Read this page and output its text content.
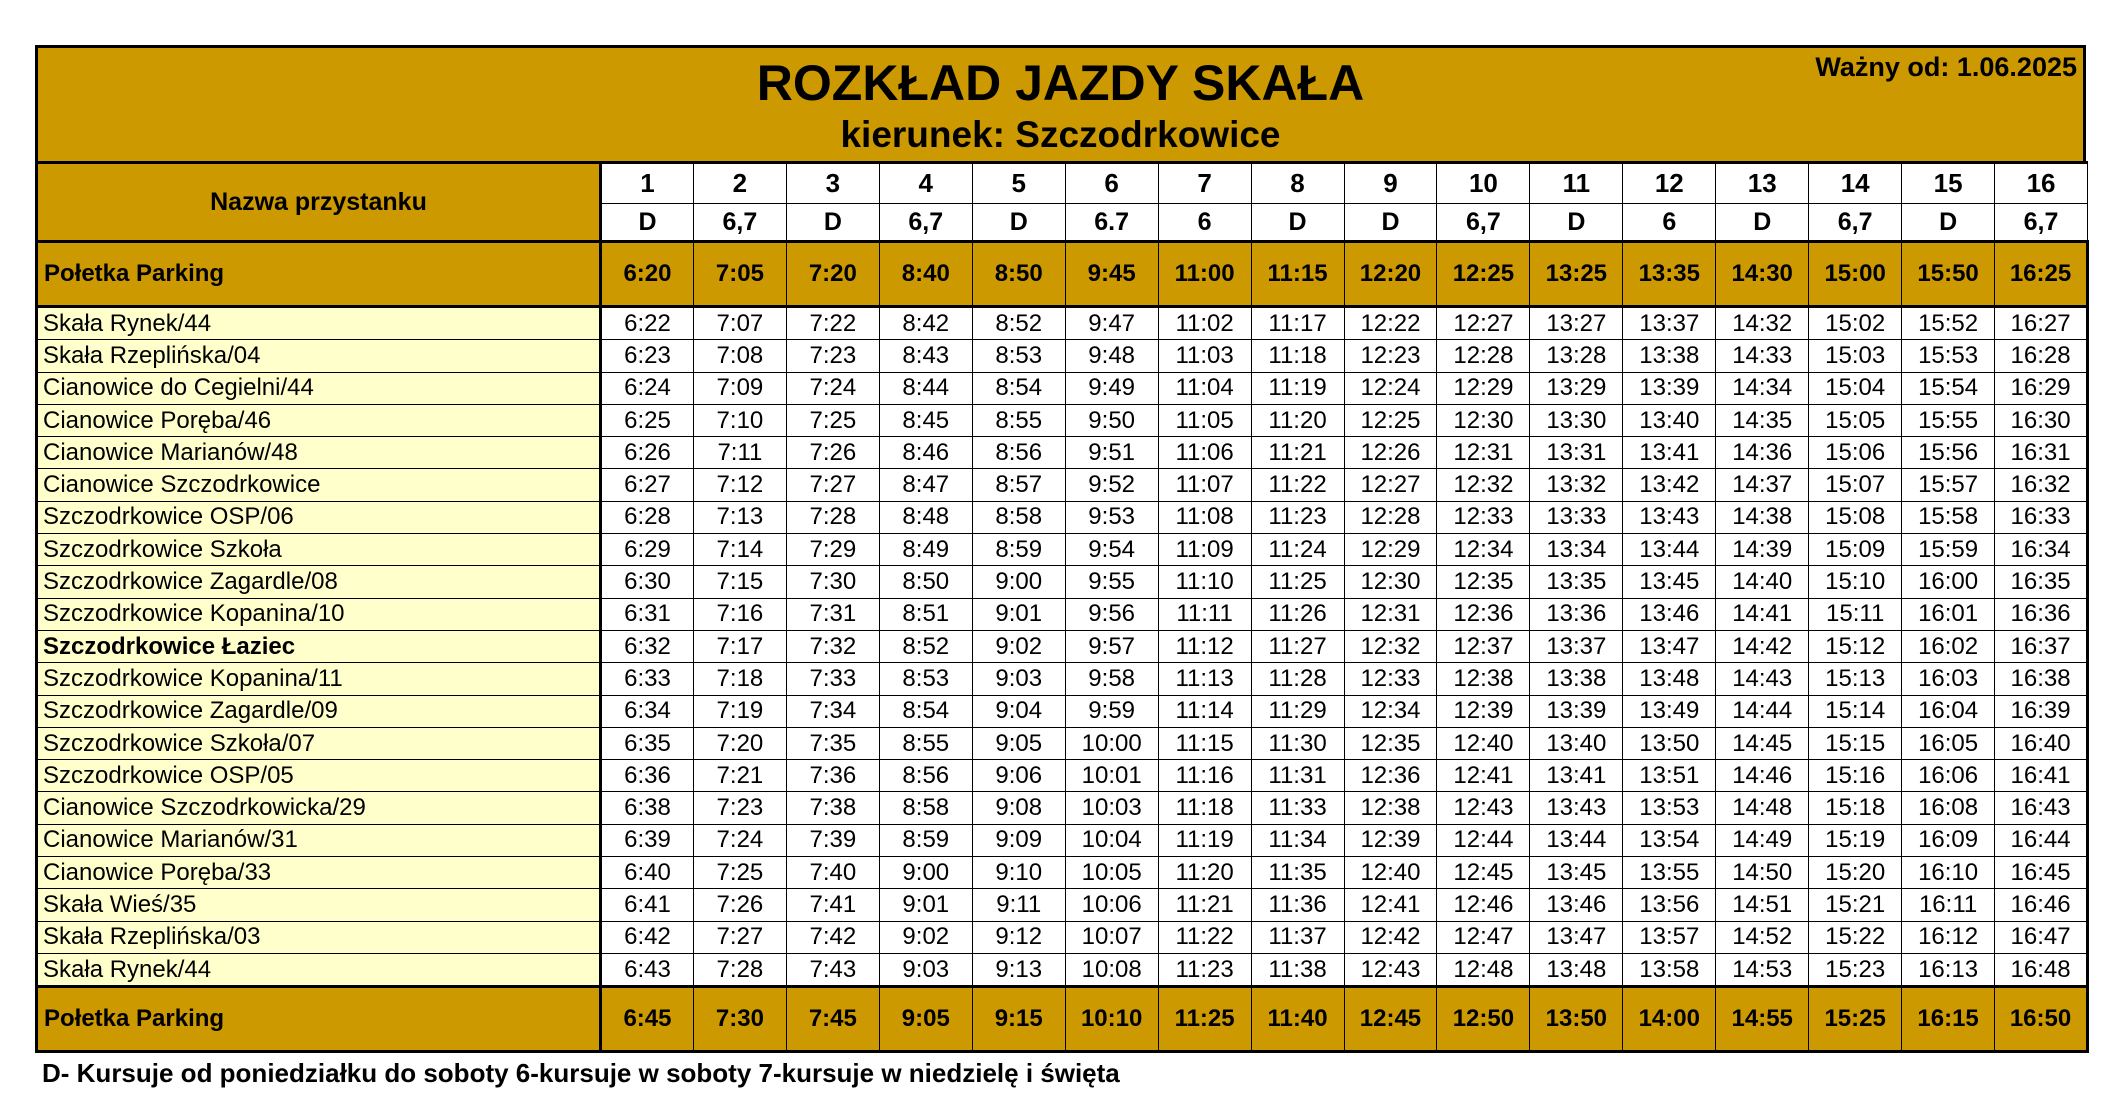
ROZKŁAD JAZDY SKAŁA
kierunek: Szczodrkowice
Ważny od: 1.06.2025
Nazwa przystanku	1	2	3	4	5	6	7	8	9	10	11	12	13	14	15	16
	D	6,7	D	6,7	D	6.7	6	D	D	6,7	D	6	D	6,7	D	6,7
Połetka Parking	6:20	7:05	7:20	8:40	8:50	9:45	11:00	11:15	12:20	12:25	13:25	13:35	14:30	15:00	15:50	16:25
Skała Rynek/44	6:22	7:07	7:22	8:42	8:52	9:47	11:02	11:17	12:22	12:27	13:27	13:37	14:32	15:02	15:52	16:27
Skała Rzeplińska/04	6:23	7:08	7:23	8:43	8:53	9:48	11:03	11:18	12:23	12:28	13:28	13:38	14:33	15:03	15:53	16:28
Cianowice do Cegielni/44	6:24	7:09	7:24	8:44	8:54	9:49	11:04	11:19	12:24	12:29	13:29	13:39	14:34	15:04	15:54	16:29
Cianowice Poręba/46	6:25	7:10	7:25	8:45	8:55	9:50	11:05	11:20	12:25	12:30	13:30	13:40	14:35	15:05	15:55	16:30
Cianowice Marianów/48	6:26	7:11	7:26	8:46	8:56	9:51	11:06	11:21	12:26	12:31	13:31	13:41	14:36	15:06	15:56	16:31
Cianowice Szczodrkowice	6:27	7:12	7:27	8:47	8:57	9:52	11:07	11:22	12:27	12:32	13:32	13:42	14:37	15:07	15:57	16:32
Szczodrkowice OSP/06	6:28	7:13	7:28	8:48	8:58	9:53	11:08	11:23	12:28	12:33	13:33	13:43	14:38	15:08	15:58	16:33
Szczodrkowice Szkoła	6:29	7:14	7:29	8:49	8:59	9:54	11:09	11:24	12:29	12:34	13:34	13:44	14:39	15:09	15:59	16:34
Szczodrkowice Zagardle/08	6:30	7:15	7:30	8:50	9:00	9:55	11:10	11:25	12:30	12:35	13:35	13:45	14:40	15:10	16:00	16:35
Szczodrkowice Kopanina/10	6:31	7:16	7:31	8:51	9:01	9:56	11:11	11:26	12:31	12:36	13:36	13:46	14:41	15:11	16:01	16:36
Szczodrkowice Łaziec	6:32	7:17	7:32	8:52	9:02	9:57	11:12	11:27	12:32	12:37	13:37	13:47	14:42	15:12	16:02	16:37
Szczodrkowice Kopanina/11	6:33	7:18	7:33	8:53	9:03	9:58	11:13	11:28	12:33	12:38	13:38	13:48	14:43	15:13	16:03	16:38
Szczodrkowice Zagardle/09	6:34	7:19	7:34	8:54	9:04	9:59	11:14	11:29	12:34	12:39	13:39	13:49	14:44	15:14	16:04	16:39
Szczodrkowice Szkoła/07	6:35	7:20	7:35	8:55	9:05	10:00	11:15	11:30	12:35	12:40	13:40	13:50	14:45	15:15	16:05	16:40
Szczodrkowice OSP/05	6:36	7:21	7:36	8:56	9:06	10:01	11:16	11:31	12:36	12:41	13:41	13:51	14:46	15:16	16:06	16:41
Cianowice Szczodrkowicka/29	6:38	7:23	7:38	8:58	9:08	10:03	11:18	11:33	12:38	12:43	13:43	13:53	14:48	15:18	16:08	16:43
Cianowice Marianów/31	6:39	7:24	7:39	8:59	9:09	10:04	11:19	11:34	12:39	12:44	13:44	13:54	14:49	15:19	16:09	16:44
Cianowice Poręba/33	6:40	7:25	7:40	9:00	9:10	10:05	11:20	11:35	12:40	12:45	13:45	13:55	14:50	15:20	16:10	16:45
Skała Wieś/35	6:41	7:26	7:41	9:01	9:11	10:06	11:21	11:36	12:41	12:46	13:46	13:56	14:51	15:21	16:11	16:46
Skała Rzeplińska/03	6:42	7:27	7:42	9:02	9:12	10:07	11:22	11:37	12:42	12:47	13:47	13:57	14:52	15:22	16:12	16:47
Skała Rynek/44	6:43	7:28	7:43	9:03	9:13	10:08	11:23	11:38	12:43	12:48	13:48	13:58	14:53	15:23	16:13	16:48
Połetka Parking	6:45	7:30	7:45	9:05	9:15	10:10	11:25	11:40	12:45	12:50	13:50	14:00	14:55	15:25	16:15	16:50
D- Kursuje od poniedziałku do soboty 6-kursuje w soboty 7-kursuje w niedzielę i święta
